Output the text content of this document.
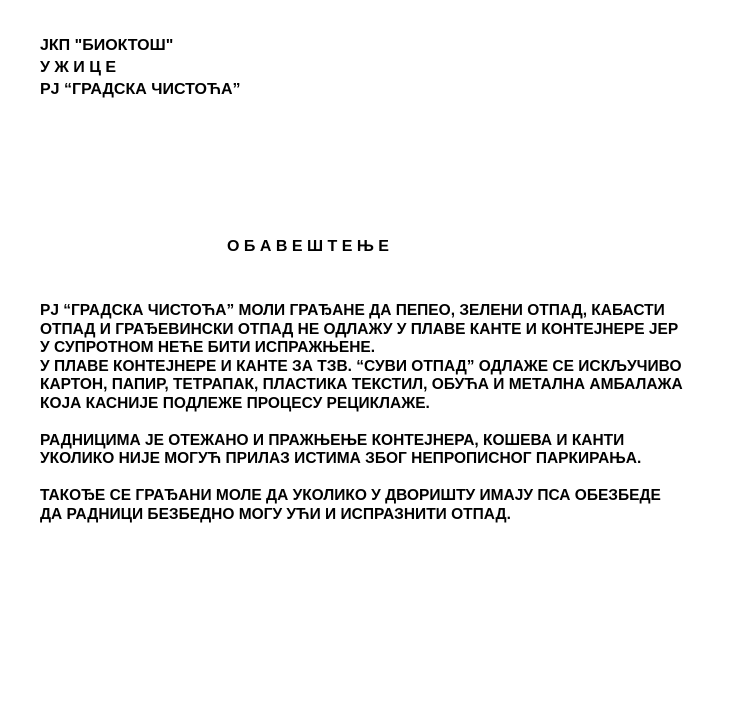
ЈКП "БИОКТОШ"
У Ж И Ц Е
PJ “ГРАДСКА ЧИСТОЋА”
О Б А В Е Ш Т Е Њ Е

PJ “ГРАДСКА ЧИСТОЋА” МОЛИ ГРАЂАНЕ ДА ПЕПЕО, ЗЕЛЕНИ ОТПАД, КАБАСТИ
ОТПАД И ГРАЂЕВИНСКИ ОТПАД НЕ ОДЛАЖУ У ПЛАВЕ КАНТЕ И КОНТЕЈНЕРЕ ЈЕР
У СУПРОТНОМ НЕЋЕ БИТИ ИСПРАЖЊЕНЕ.
У ПЛАВЕ КОНТЕЈНЕРЕ И КАНТЕ ЗА ТЗВ. “СУВИ ОТПАД” ОДЛАЖЕ СЕ ИСКЉУЧИВО
КАРТОН, ПАПИР, ТЕТРАПАК, ПЛАСТИКА ТЕКСТИЛ, ОБУЋА И МЕТАЛНА АМБАЛАЖА
КОЈА КАСНИЈЕ ПОДЛЕЖЕ ПРОЦЕСУ РЕЦИКЛАЖЕ.

РАДНИЦИМА ЈЕ ОТЕЖАНО И ПРАЖЊЕЊЕ КОНТЕЈНЕРА, КОШЕВА И КАНТИ
УКОЛИКО НИЈЕ МОГУЋ ПРИЛАЗ ИСТИМА ЗБОГ НЕПРОПИСНОГ ПАРКИРАЊА.

ТАКОЂЕ СЕ ГРАЂАНИ МОЛЕ ДА УКОЛИКО У ДВОРИШТУ ИМАЈУ ПСА ОБЕЗБЕДЕ
ДА РАДНИЦИ БЕЗБЕДНО МОГУ УЋИ И ИСПРАЗНИТИ ОТПАД.
